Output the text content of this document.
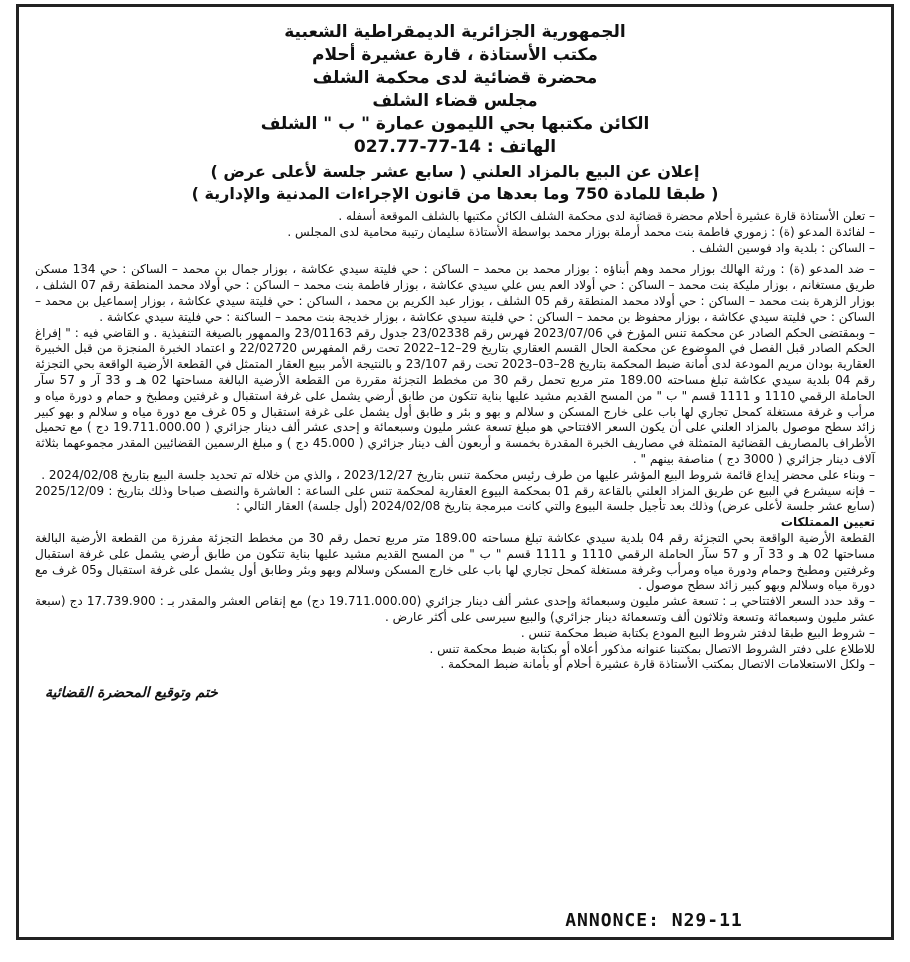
الجمهورية الجزائرية الديمقراطية الشعبية
مكتب الأستاذة ، قارة عشيرة أحلام
محضرة قضائية لدى محكمة الشلف
مجلس قضاء الشلف
الكائن مكتبها بحي الليمون عمارة " ب " الشلف
الهاتف : 14-77-027.77
إعلان عن البيع بالمزاد العلني ( سابع عشر جلسة لأعلى عرض )
( طبقا للمادة 750 وما بعدها من قانون الإجراءات المدنية والإدارية )

– تعلن الأستاذة قارة عشيرة أحلام محضرة قضائية لدى محكمة الشلف الكائن مكتبها بالشلف الموقعة أسفله .

– لفائدة المدعو (ة) : زموري فاطمة بنت محمد أرملة بوزار محمد بواسطة الأستاذة سليمان رتيبة محامية لدى المجلس .

– الساكن : بلدية واد فوسين الشلف .

– ضد المدعو (ة) : ورثة الهالك بوزار محمد وهم أبناؤه : بوزار محمد بن محمد – الساكن : حي فليتة سيدي عكاشة ، بوزار جمال بن محمد – الساكن : حي 134 مسكن طريق مستغانم ، بوزار مليكة بنت محمد – الساكن : حي أولاد العم يس علي سيدي عكاشة ، بوزار فاطمة بنت محمد – الساكن : حي أولاد محمد المنطقة رقم 07 الشلف ، بوزار الزهرة بنت محمد – الساكن : حي أولاد محمد المنطقة رقم 05 الشلف ، بوزار عبد الكريم بن محمد ، الساكن : حي فليتة سيدي عكاشة ، بوزار إسماعيل بن محمد – الساكن : حي فليتة سيدي عكاشة ، بوزار محفوظ بن محمد – الساكن : حي فليتة سيدي عكاشة ، بوزار خديجة بنت محمد – الساكنة : حي فليتة سيدي عكاشة .

– وبمقتضى الحكم الصادر عن محكمة تنس المؤرخ في 2023/07/06 فهرس رقم 23/02338 جدول رقم 23/01163 والممهور بالصيغة التنفيذية . و القاضي فيه : " إفراغ الحكم الصادر قبل الفصل في الموضوع عن محكمة الحال القسم العقاري بتاريخ 29–12–2022 تحت رقم المفهرس 22/02720 و اعتماد الخبرة المنجزة من قبل الخبيرة العقارية بودان مريم المودعة لدى أمانة ضبط المحكمة بتاريخ 28–03–2023 تحت رقم 23/107 و بالنتيجة الأمر ببيع العقار المتمثل في القطعة الأرضية الواقعة بحي التجزئة رقم 04 بلدية سيدي عكاشة تبلغ مساحته 189.00 متر مربع تحمل رقم 30 من مخطط التجزئة مقررة من القطعة الأرضية البالغة مساحتها 02 هـ و 33 آر و 57 سآر الحاملة الرقمي 1110 و 1111 قسم " ب " من المسح القديم مشيد عليها بناية تتكون من طابق أرضي يشمل على غرفة استقبال و غرفتين ومطبخ و حمام و دورة مياه و مرأب و غرفة مستغلة كمحل تجاري لها باب على خارج المسكن و سلالم و بهو و بئر و طابق أول يشمل على غرفة استقبال و 05 غرف مع دورة مياه و سلالم و بهو كبير زائد سطح موصول بالمزاد العلني على أن يكون السعر الافتتاحي هو مبلغ تسعة عشر مليون وسبعمائة و إحدى عشر ألف دينار جزائري ( 19.711.000.00 دج ) مع تحميل الأطراف بالمصاريف القضائية المتمثلة في مصاريف الخبرة المقدرة بخمسة و أربعون ألف دينار جزائري ( 45.000 دج ) و مبلغ الرسمين القضائيين المقدر مجموعهما بثلاثة آلاف دينار جزائري ( 3000 دج ) مناصفة بينهم " .

– وبناء على محضر إيداع قائمة شروط البيع المؤشر عليها من طرف رئيس محكمة تنس بتاريخ 2023/12/27 ، والذي من خلاله تم تحديد جلسة البيع بتاريخ 2024/02/08 .

– فإنه سيشرع في البيع عن طريق المزاد العلني بالقاعة رقم 01 بمحكمة البيوع العقارية لمحكمة تنس على الساعة : العاشرة والنصف صباحا وذلك بتاريخ : 2025/12/09 (سابع عشر جلسة لأعلى عرض) وذلك بعد تأجيل جلسة البيوع والتي كانت مبرمجة بتاريخ 2024/02/08 (أول جلسة) العقار التالي :

تعيين الممتلكات

القطعة الأرضية الواقعة بحي التجزئة رقم 04 بلدية سيدي عكاشة تبلغ مساحته 189.00 متر مربع تحمل رقم 30 من مخطط التجزئة مفرزة من القطعة الأرضية البالغة مساحتها 02 هـ و 33 آر و 57 سآر الحاملة الرقمي 1110 و 1111 قسم " ب " من المسح القديم مشيد عليها بناية تتكون من طابق أرضي يشمل على غرفة استقبال وغرفتين ومطبخ وحمام ودورة مياه ومرأب وغرفة مستغلة كمحل تجاري لها باب على خارج المسكن وسلالم وبهو وبئر وطابق أول يشمل على غرفة استقبال و05 غرف مع دورة مياه وسلالم وبهو كبير زائد سطح موصول .

– وقد حدد السعر الافتتاحي بـ : تسعة عشر مليون وسبعمائة وإحدى عشر ألف دينار جزائري (19.711.000.00 دج) مع إنقاص العشر والمقدر بـ : 17.739.900 دج (سبعة عشر مليون وسبعمائة وتسعة وثلاثون ألف وتسعمائة دينار جزائري) والبيع سيرسى على أكثر عارض .

– شروط البيع طبقا لدفتر شروط البيع المودع بكتابة ضبط محكمة تنس .

للاطلاع على دفتر الشروط الاتصال بمكتبنا عنوانه مذكور أعلاه أو بكتابة ضبط محكمة تنس .

– ولكل الاستعلامات الاتصال بمكتب الأستاذة قارة عشيرة أحلام أو بأمانة ضبط المحكمة .

ختم وتوقيع المحضرة القضائية
ANNONCE: N29-11
